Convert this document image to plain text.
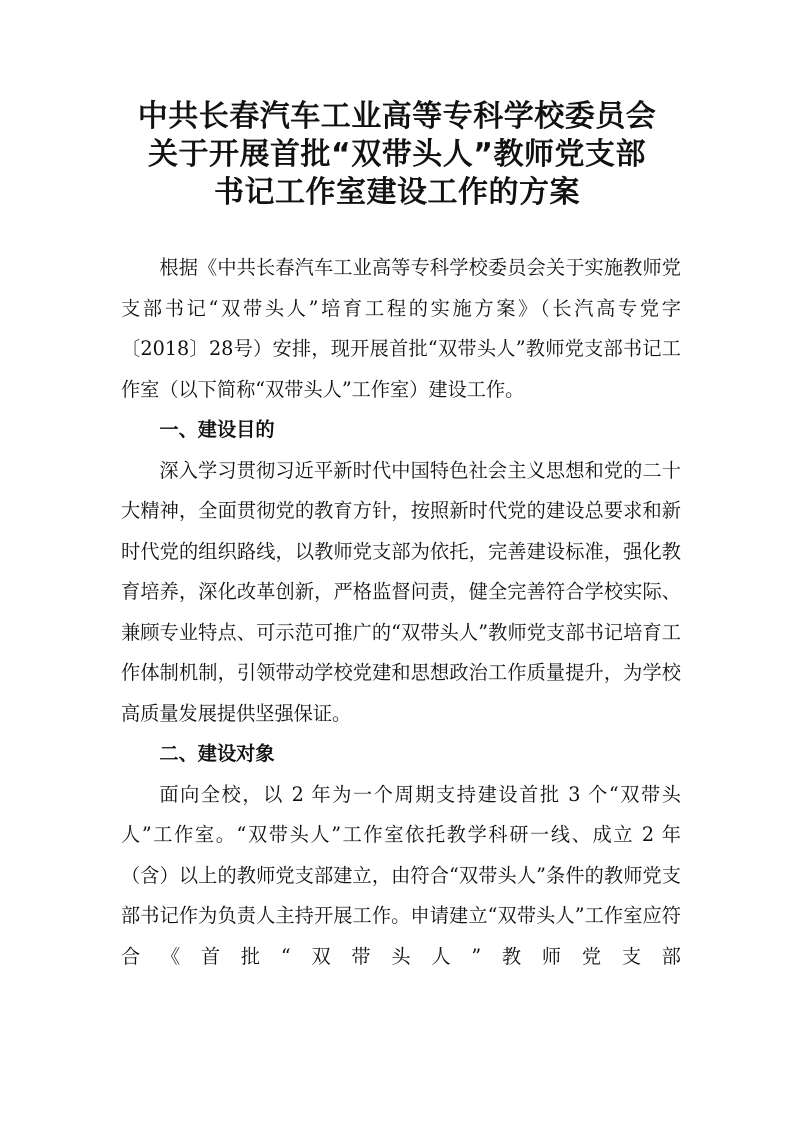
中共长春汽车工业高等专科学校委员会
关于开展首批“双带头人”教师党支部
书记工作室建设工作的方案

根据《中共长春汽车工业高等专科学校委员会关于实施教师党支部书记“双带头人”培育工程的实施方案》（长汽高专党字〔2018〕28号）安排，现开展首批“双带头人”教师党支部书记工作室（以下简称“双带头人”工作室）建设工作。

一、建设目的

深入学习贯彻习近平新时代中国特色社会主义思想和党的二十大精神，全面贯彻党的教育方针，按照新时代党的建设总要求和新时代党的组织路线，以教师党支部为依托，完善建设标准，强化教育培养，深化改革创新，严格监督问责，健全完善符合学校实际、兼顾专业特点、可示范可推广的“双带头人”教师党支部书记培育工作体制机制，引领带动学校党建和思想政治工作质量提升，为学校高质量发展提供坚强保证。

二、建设对象

面向全校，以 2 年为一个周期支持建设首批 3 个“双带头人”工作室。“双带头人”工作室依托教学科研一线、成立 2 年（含）以上的教师党支部建立，由符合“双带头人”条件的教师党支部书记作为负责人主持开展工作。申请建立“双带头人”工作室应符合《首批“双带头人”教师党支部
